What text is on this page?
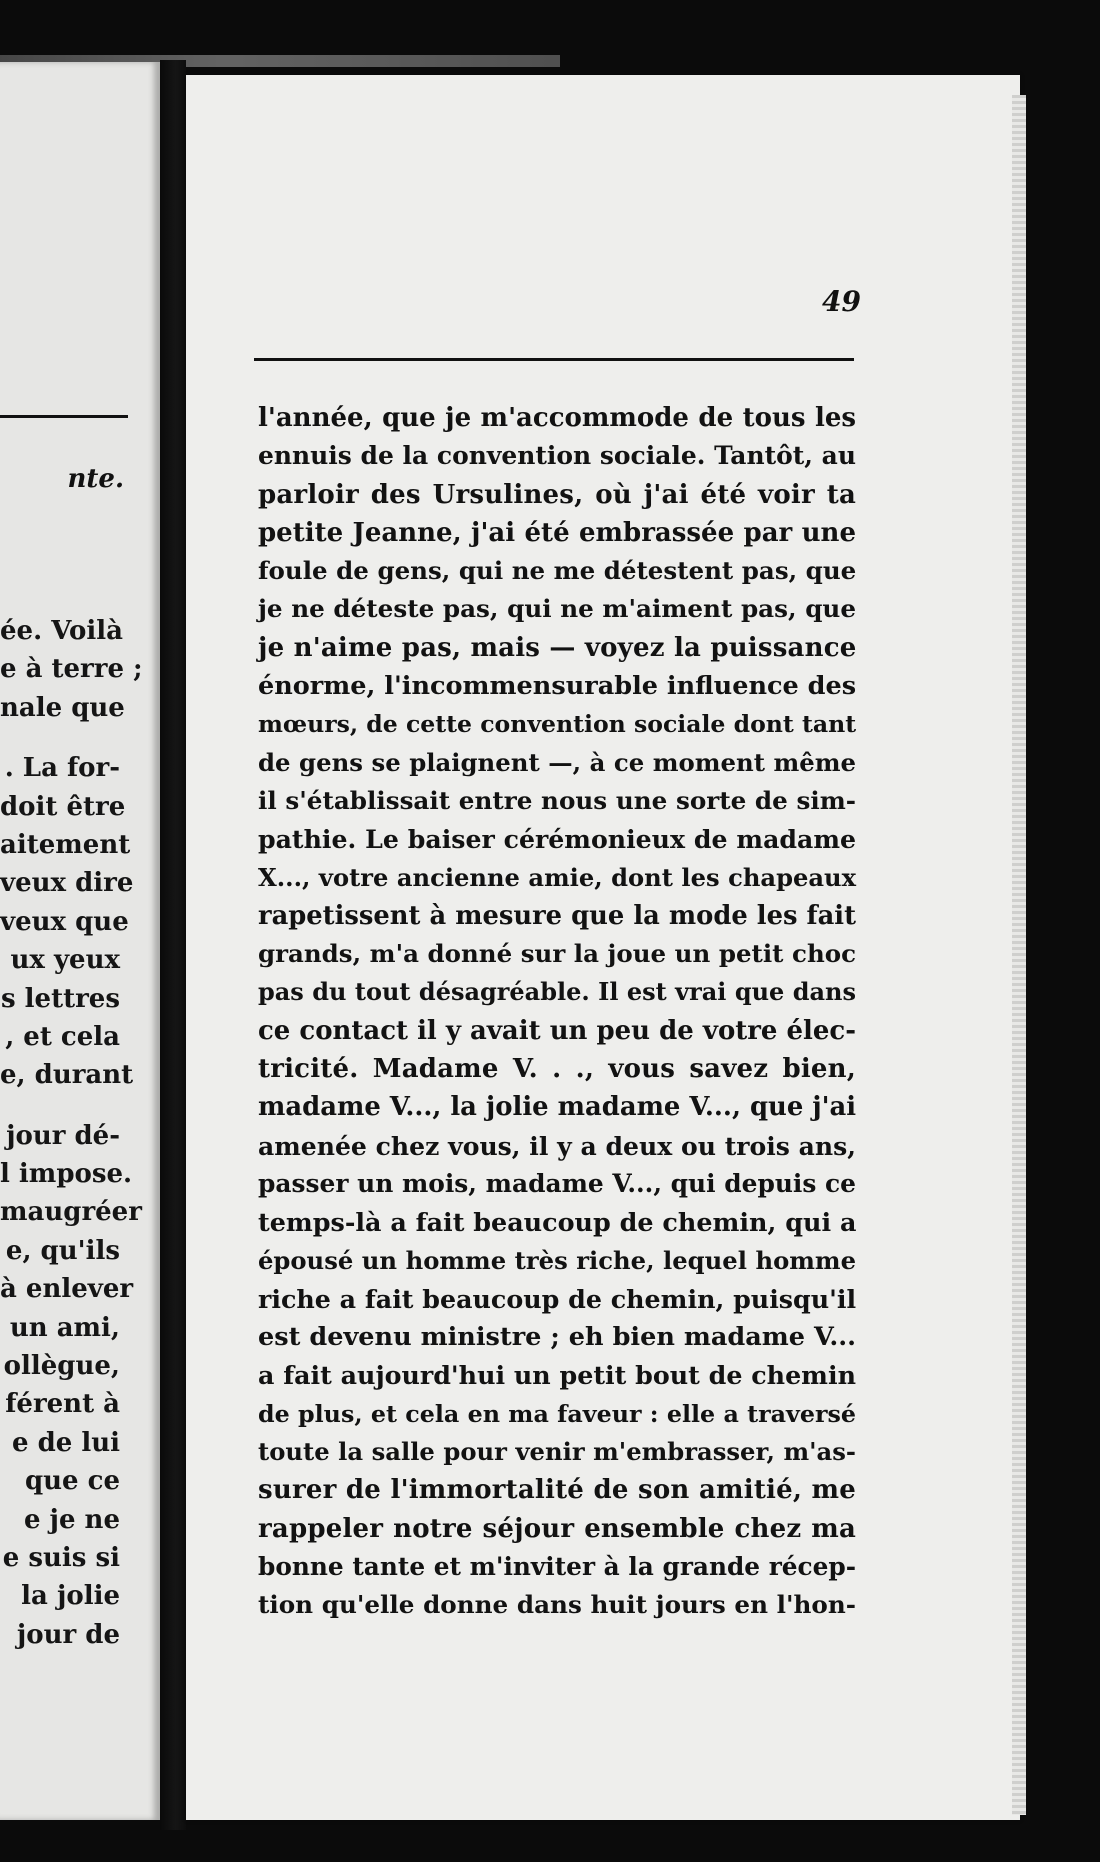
nte.
ée. Voilà
e à terre ;
nale que
. La for-
doit être
aitement
veux dire
veux que
ux yeux
s lettres
, et cela
e, durant
jour dé-
l impose.
maugréer
e, qu'ils
à enlever
un ami,
ollègue,
férent à
e de lui
que ce
e je ne
e suis si
la jolie
jour de
49
l'année, que je m'accommode de tous les
ennuis de la convention sociale. Tantôt, au
parloir des Ursulines, où j'ai été voir ta
petite Jeanne, j'ai été embrassée par une
foule de gens, qui ne me détestent pas, que
je ne déteste pas, qui ne m'aiment pas, que
je n'aime pas, mais — voyez la puissance
énorme, l'incommensurable influence des
mœurs, de cette convention sociale dont tant
de gens se plaignent —, à ce moment même
il s'établissait entre nous une sorte de sim-
pathie. Le baiser cérémonieux de madame
X..., votre ancienne amie, dont les chapeaux
rapetissent à mesure que la mode les fait
grands, m'a donné sur la joue un petit choc
pas du tout désagréable. Il est vrai que dans
ce contact il y avait un peu de votre élec-
tricité. Madame V. . ., vous savez bien,
madame V..., la jolie madame V..., que j'ai
amenée chez vous, il y a deux ou trois ans,
passer un mois, madame V..., qui depuis ce
temps-là a fait beaucoup de chemin, qui a
épousé un homme très riche, lequel homme
riche a fait beaucoup de chemin, puisqu'il
est devenu ministre ; eh bien madame V...
a fait aujourd'hui un petit bout de chemin
de plus, et cela en ma faveur : elle a traversé
toute la salle pour venir m'embrasser, m'as-
surer de l'immortalité de son amitié, me
rappeler notre séjour ensemble chez ma
bonne tante et m'inviter à la grande récep-
tion qu'elle donne dans huit jours en l'hon-
